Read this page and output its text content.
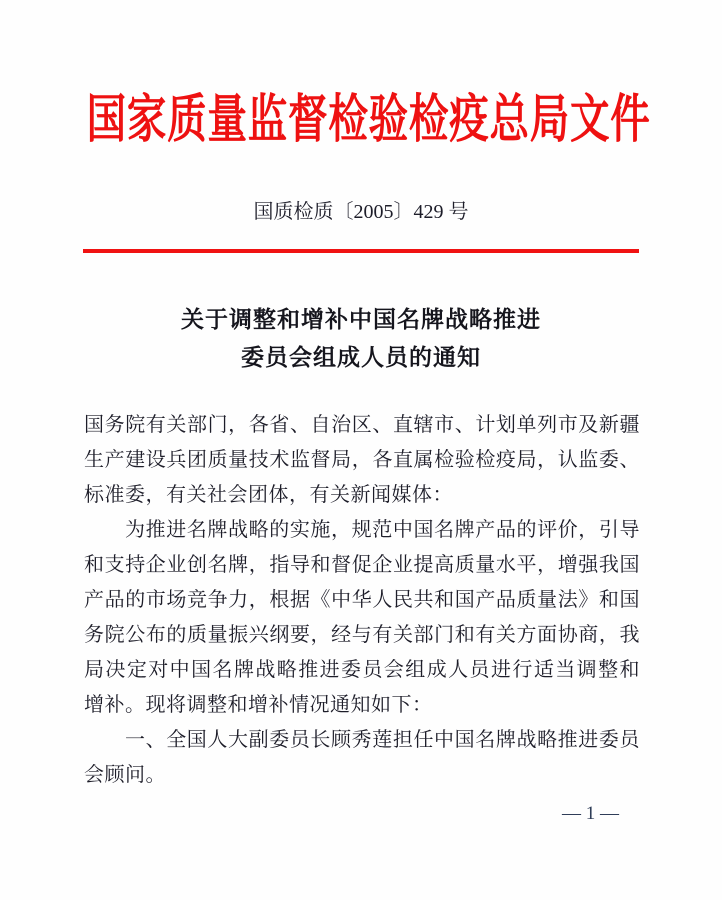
国家质量监督检验检疫总局文件
国质检质〔2005〕429 号
关于调整和增补中国名牌战略推进
委员会组成人员的通知
国务院有关部门，各省、自治区、直辖市、计划单列市及新疆
生产建设兵团质量技术监督局，各直属检验检疫局，认监委、
标准委，有关社会团体，有关新闻媒体：
为推进名牌战略的实施，规范中国名牌产品的评价，引导
和支持企业创名牌，指导和督促企业提高质量水平，增强我国
产品的市场竞争力，根据《中华人民共和国产品质量法》和国
务院公布的质量振兴纲要，经与有关部门和有关方面协商，我
局决定对中国名牌战略推进委员会组成人员进行适当调整和
增补。现将调整和增补情况通知如下：
一、全国人大副委员长顾秀莲担任中国名牌战略推进委员
会顾问。
— 1 —
